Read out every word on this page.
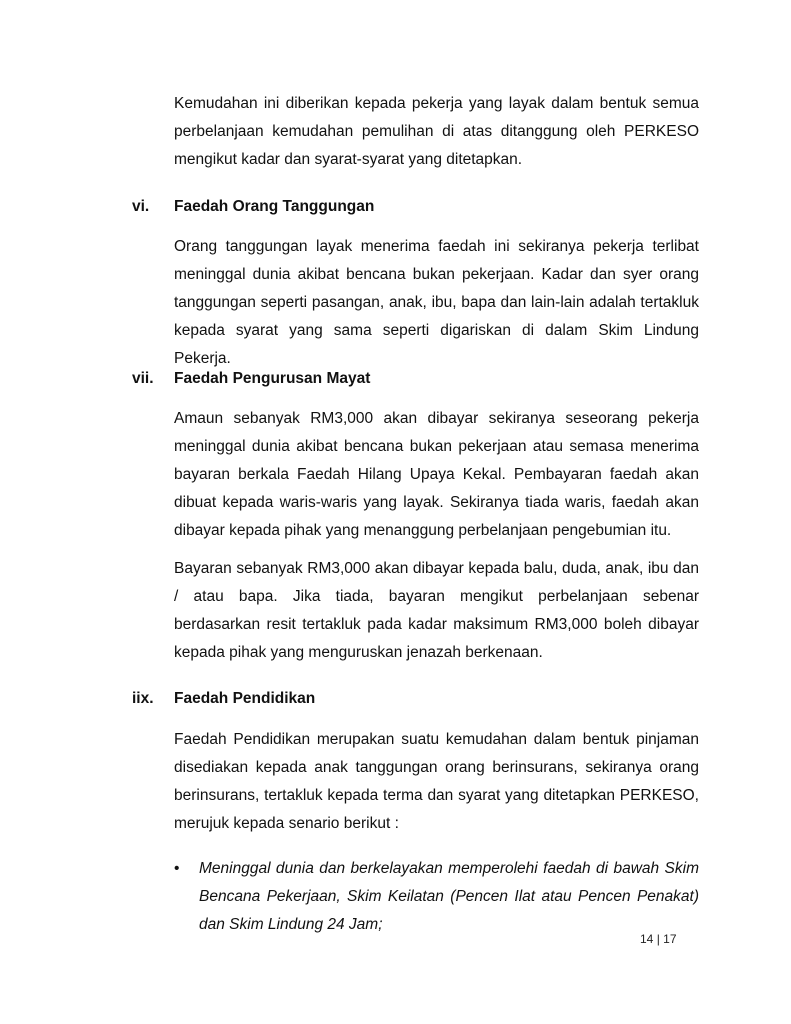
Kemudahan ini diberikan kepada pekerja yang layak dalam bentuk semua perbelanjaan kemudahan pemulihan di atas ditanggung oleh PERKESO mengikut kadar dan syarat-syarat yang ditetapkan.

vi. Faedah Orang Tanggungan

Orang tanggungan layak menerima faedah ini sekiranya pekerja terlibat meninggal dunia akibat bencana bukan pekerjaan. Kadar dan syer orang tanggungan seperti pasangan, anak, ibu, bapa dan lain-lain adalah tertakluk kepada syarat yang sama seperti digariskan di dalam Skim Lindung Pekerja.

vii. Faedah Pengurusan Mayat

Amaun sebanyak RM3,000 akan dibayar sekiranya seseorang pekerja meninggal dunia akibat bencana bukan pekerjaan atau semasa menerima bayaran berkala Faedah Hilang Upaya Kekal. Pembayaran faedah akan dibuat kepada waris-waris yang layak. Sekiranya tiada waris, faedah akan dibayar kepada pihak yang menanggung perbelanjaan pengebumian itu.

Bayaran sebanyak RM3,000 akan dibayar kepada balu, duda, anak, ibu dan / atau bapa. Jika tiada, bayaran mengikut perbelanjaan sebenar berdasarkan resit tertakluk pada kadar maksimum RM3,000 boleh dibayar kepada pihak yang menguruskan jenazah berkenaan.

iix. Faedah Pendidikan

Faedah Pendidikan merupakan suatu kemudahan dalam bentuk pinjaman disediakan kepada anak tanggungan orang berinsurans, sekiranya orang berinsurans, tertakluk kepada terma dan syarat yang ditetapkan PERKESO, merujuk kepada senario berikut :

• Meninggal dunia dan berkelayakan memperolehi faedah di bawah Skim Bencana Pekerjaan, Skim Keilatan (Pencen Ilat atau Pencen Penakat) dan Skim Lindung 24 Jam;
14 | 17
